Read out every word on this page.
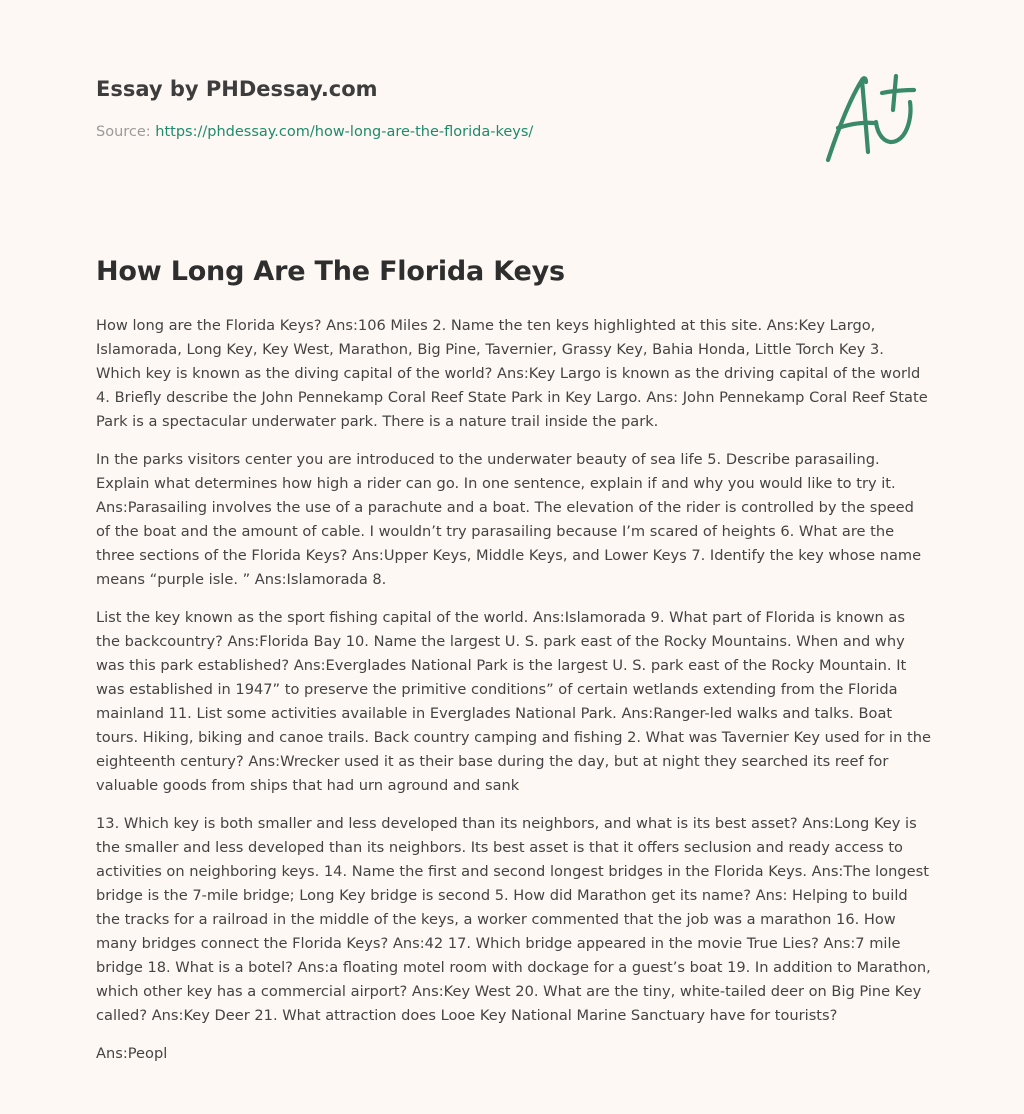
Essay by PHDessay.com
Source: https://phdessay.com/how-long-are-the-florida-keys/
How Long Are The Florida Keys

How long are the Florida Keys? Ans:106 Miles 2. Name the ten keys highlighted at this site. Ans:Key Largo, Islamorada, Long Key, Key West, Marathon, Big Pine, Tavernier, Grassy Key, Bahia Honda, Little Torch Key 3. Which key is known as the diving capital of the world? Ans:Key Largo is known as the driving capital of the world 4. Briefly describe the John Pennekamp Coral Reef State Park in Key Largo. Ans: John Pennekamp Coral Reef State Park is a spectacular underwater park. There is a nature trail inside the park.

In the parks visitors center you are introduced to the underwater beauty of sea life 5. Describe parasailing. Explain what determines how high a rider can go. In one sentence, explain if and why you would like to try it. Ans:Parasailing involves the use of a parachute and a boat. The elevation of the rider is controlled by the speed of the boat and the amount of cable. I wouldn’t try parasailing because I’m scared of heights 6. What are the three sections of the Florida Keys? Ans:Upper Keys, Middle Keys, and Lower Keys 7. Identify the key whose name means “purple isle. ” Ans:Islamorada 8.

List the key known as the sport fishing capital of the world. Ans:Islamorada 9. What part of Florida is known as the backcountry? Ans:Florida Bay 10. Name the largest U. S. park east of the Rocky Mountains. When and why was this park established? Ans:Everglades National Park is the largest U. S. park east of the Rocky Mountain. It was established in 1947” to preserve the primitive conditions” of certain wetlands extending from the Florida mainland 11. List some activities available in Everglades National Park. Ans:Ranger-led walks and talks. Boat tours. Hiking, biking and canoe trails. Back country camping and fishing 2. What was Tavernier Key used for in the eighteenth century? Ans:Wrecker used it as their base during the day, but at night they searched its reef for valuable goods from ships that had urn aground and sank

13. Which key is both smaller and less developed than its neighbors, and what is its best asset? Ans:Long Key is the smaller and less developed than its neighbors. Its best asset is that it offers seclusion and ready access to activities on neighboring keys. 14. Name the first and second longest bridges in the Florida Keys. Ans:The longest bridge is the 7-mile bridge; Long Key bridge is second 5. How did Marathon get its name? Ans: Helping to build the tracks for a railroad in the middle of the keys, a worker commented that the job was a marathon 16. How many bridges connect the Florida Keys? Ans:42 17. Which bridge appeared in the movie True Lies? Ans:7 mile bridge 18. What is a botel? Ans:a floating motel room with dockage for a guest’s boat 19. In addition to Marathon, which other key has a commercial airport? Ans:Key West 20. What are the tiny, white-tailed deer on Big Pine Key called? Ans:Key Deer 21. What attraction does Looe Key National Marine Sanctuary have for tourists?

Ans:Peopl
